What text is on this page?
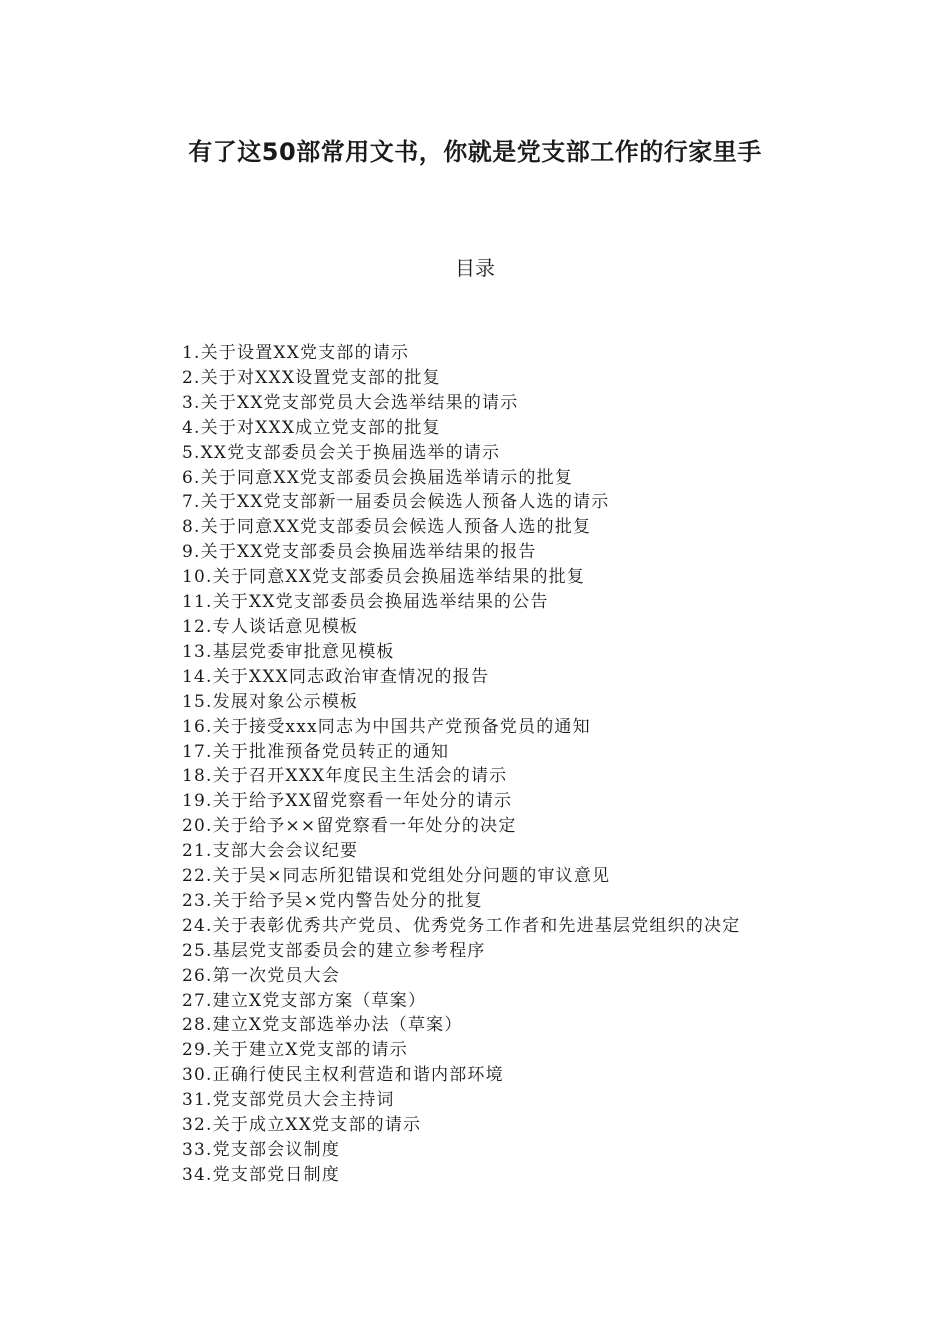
有了这50部常用文书，你就是党支部工作的行家里手
目录
1.关于设置XX党支部的请示
2.关于对XXX设置党支部的批复
3.关于XX党支部党员大会选举结果的请示
4.关于对XXX成立党支部的批复
5.XX党支部委员会关于换届选举的请示
6.关于同意XX党支部委员会换届选举请示的批复
7.关于XX党支部新一届委员会候选人预备人选的请示
8.关于同意XX党支部委员会候选人预备人选的批复
9.关于XX党支部委员会换届选举结果的报告
10.关于同意XX党支部委员会换届选举结果的批复
11.关于XX党支部委员会换届选举结果的公告
12.专人谈话意见模板
13.基层党委审批意见模板
14.关于XXX同志政治审查情况的报告
15.发展对象公示模板
16.关于接受xxx同志为中国共产党预备党员的通知
17.关于批准预备党员转正的通知
18.关于召开XXX年度民主生活会的请示
19.关于给予XX留党察看一年处分的请示
20.关于给予××留党察看一年处分的决定
21.支部大会会议纪要
22.关于吴×同志所犯错误和党组处分问题的审议意见
23.关于给予吴×党内警告处分的批复
24.关于表彰优秀共产党员、优秀党务工作者和先进基层党组织的决定
25.基层党支部委员会的建立参考程序
26.第一次党员大会
27.建立X党支部方案（草案）
28.建立X党支部选举办法（草案）
29.关于建立X党支部的请示
30.正确行使民主权利营造和谐内部环境
31.党支部党员大会主持词
32.关于成立XX党支部的请示
33.党支部会议制度
34.党支部党日制度
